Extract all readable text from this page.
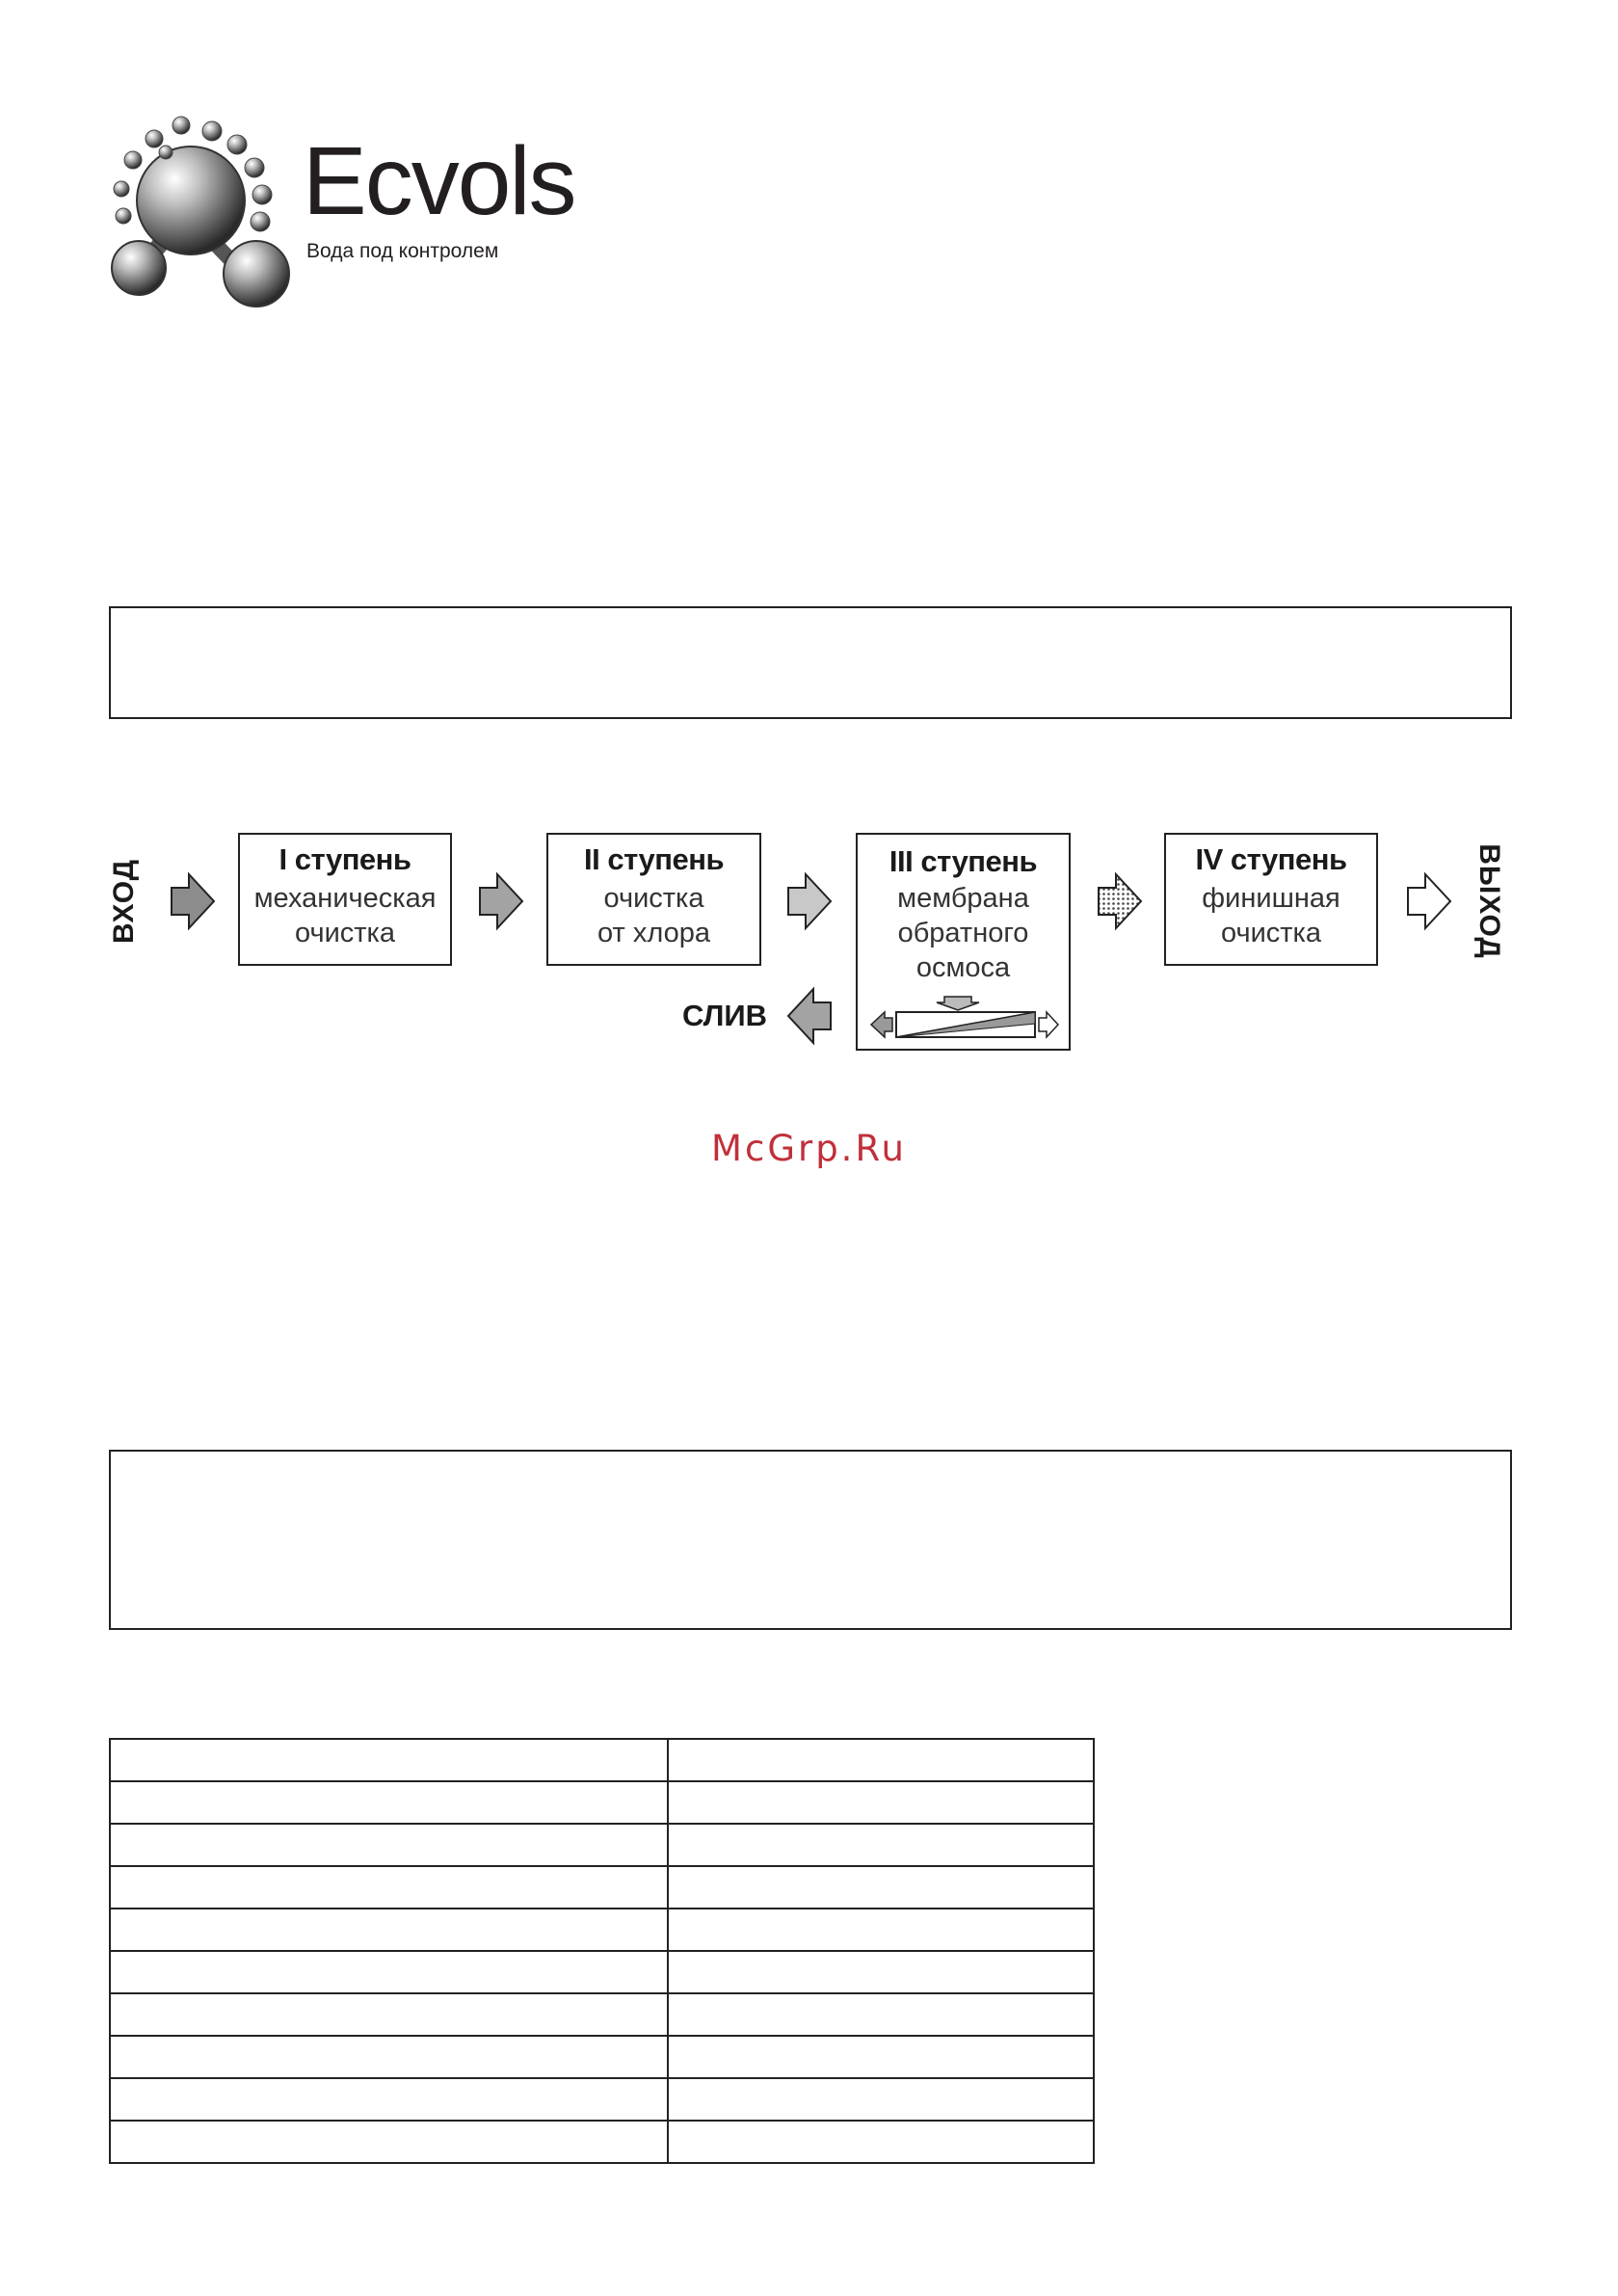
Ecvols
Вода под контролем
ВХОД	ВЫХОД
I ступень
механическая
очистка
II ступень
очистка
от хлора
III ступень
мембрана
обратного
осмоса
IV ступень
финишная
очистка
СЛИВ
McGrp.Ru
